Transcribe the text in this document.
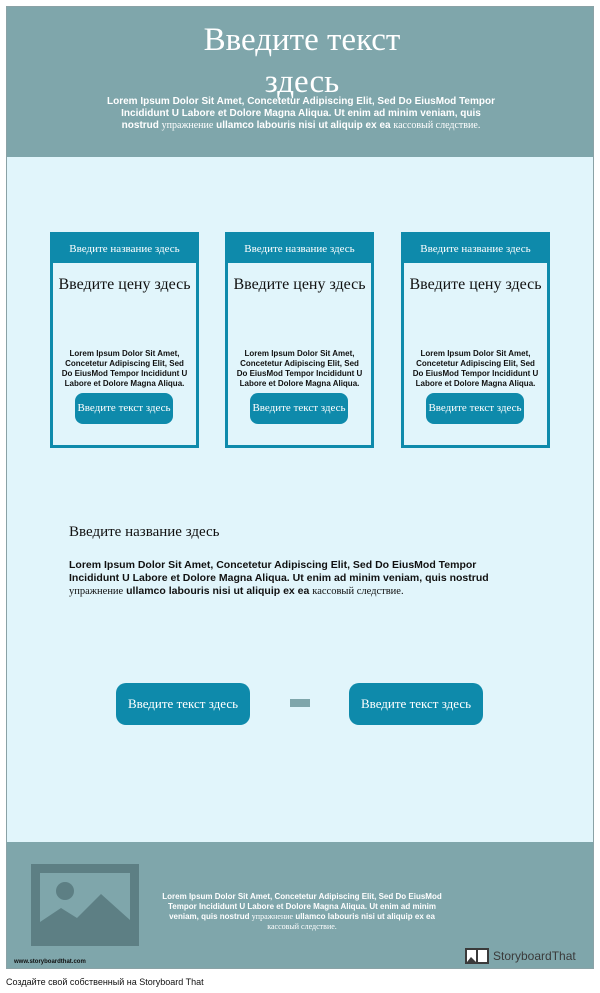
Введите текст здесь
Lorem Ipsum Dolor Sit Amet, Concetetur Adipiscing Elit, Sed Do EiusMod Tempor Incididunt U Labore et Dolore Magna Aliqua. Ut enim ad minim veniam, quis nostrud упражнение ullamco labouris nisi ut aliquip ex ea кассовый следствие.
Введите название здесь
Введите цену здесь
Lorem Ipsum Dolor Sit Amet, Concetetur Adipiscing Elit, Sed Do EiusMod Tempor Incididunt U Labore et Dolore Magna Aliqua.
Введите текст здесь
Введите название здесь
Введите цену здесь
Lorem Ipsum Dolor Sit Amet, Concetetur Adipiscing Elit, Sed Do EiusMod Tempor Incididunt U Labore et Dolore Magna Aliqua.
Введите текст здесь
Введите название здесь
Введите цену здесь
Lorem Ipsum Dolor Sit Amet, Concetetur Adipiscing Elit, Sed Do EiusMod Tempor Incididunt U Labore et Dolore Magna Aliqua.
Введите текст здесь
Введите название здесь
Lorem Ipsum Dolor Sit Amet, Concetetur Adipiscing Elit, Sed Do EiusMod Tempor Incididunt U Labore et Dolore Magna Aliqua. Ut enim ad minim veniam, quis nostrud упражнение ullamco labouris nisi ut aliquip ex ea кассовый следствие.
Введите текст здесь	Введите текст здесь
Lorem Ipsum Dolor Sit Amet, Concetetur Adipiscing Elit, Sed Do EiusMod Tempor Incididunt U Labore et Dolore Magna Aliqua. Ut enim ad minim veniam, quis nostrud упражнение ullamco labouris nisi ut aliquip ex ea кассовый следствие.
www.storyboardthat.com	StoryboardThat
Создайте свой собственный на Storyboard That
